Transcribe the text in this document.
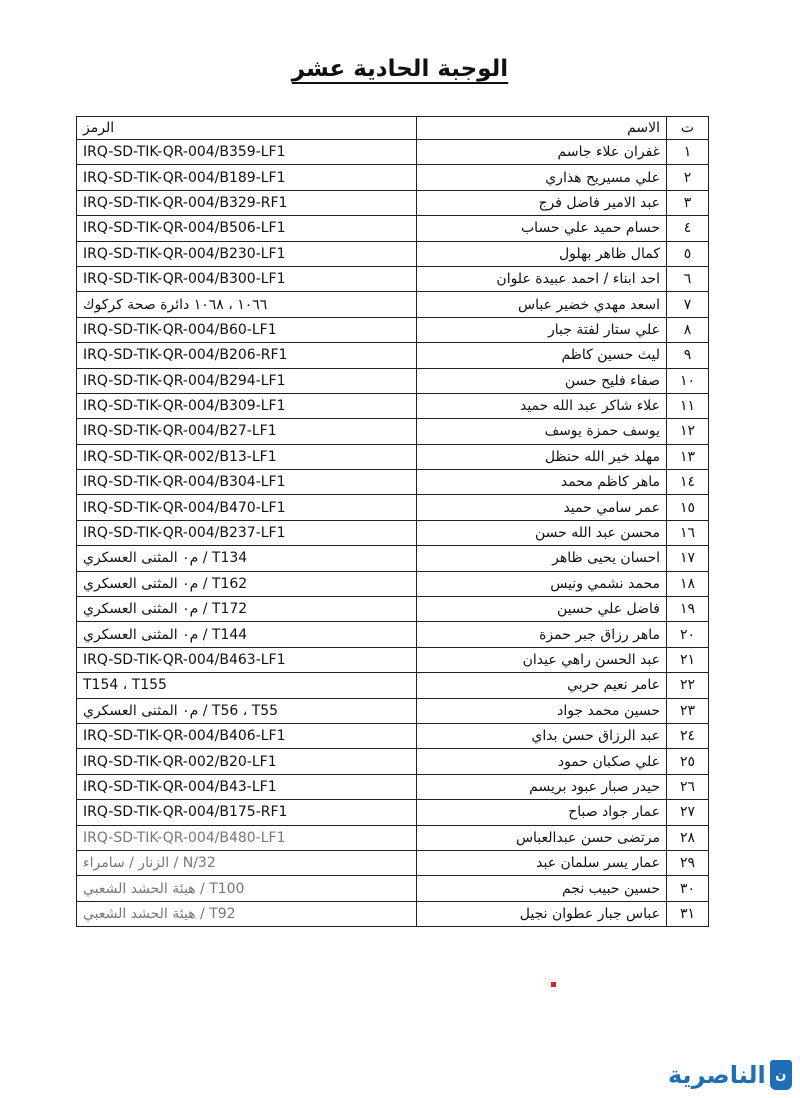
الوجبة الحادية عشر
ت	الاسم	الرمز
١	غفران علاء جاسم	IRQ-SD-TIK-QR-004/B359-LF1
٢	علي مسيريح هذاري	IRQ-SD-TIK-QR-004/B189-LF1
٣	عبد الامير فاضل فرج	IRQ-SD-TIK-QR-004/B329-RF1
٤	حسام حميد علي حساب	IRQ-SD-TIK-QR-004/B506-LF1
٥	كمال ظاهر بهلول	IRQ-SD-TIK-QR-004/B230-LF1
٦	احد ابناء / احمد عبيدة علوان	IRQ-SD-TIK-QR-004/B300-LF1
٧	اسعد مهدي خضير عباس	١٠٦٦ ، ١٠٦٨ دائرة صحة كركوك
٨	علي ستار لفتة جبار	IRQ-SD-TIK-QR-004/B60-LF1
٩	ليث حسين كاظم	IRQ-SD-TIK-QR-004/B206-RF1
١٠	صفاء فليح حسن	IRQ-SD-TIK-QR-004/B294-LF1
١١	علاء شاكر عبد الله حميد	IRQ-SD-TIK-QR-004/B309-LF1
١٢	يوسف حمزة يوسف	IRQ-SD-TIK-QR-004/B27-LF1
١٣	مهلد خير الله حنظل	IRQ-SD-TIK-QR-002/B13-LF1
١٤	ماهر كاظم محمد	IRQ-SD-TIK-QR-004/B304-LF1
١٥	عمر سامي حميد	IRQ-SD-TIK-QR-004/B470-LF1
١٦	محسن عبد الله حسن	IRQ-SD-TIK-QR-004/B237-LF1
١٧	احسان يحيى ظاهر	T134 / م٠ المثنى العسكري
١٨	محمد نشمي ونيس	T162 / م٠ المثنى العسكري
١٩	فاضل علي حسين	T172 / م٠ المثنى العسكري
٢٠	ماهر رزاق جبر حمزة	T144 / م٠ المثنى العسكري
٢١	عبد الحسن راهي عيدان	IRQ-SD-TIK-QR-004/B463-LF1
٢٢	عامر نعيم حربي	T154 ، T155
٢٣	حسين محمد جواد	T56 ، T55 / م٠ المثنى العسكري
٢٤	عبد الرزاق حسن بداي	IRQ-SD-TIK-QR-004/B406-LF1
٢٥	علي صكبان حمود	IRQ-SD-TIK-QR-002/B20-LF1
٢٦	حيدر صبار عبود بريسم	IRQ-SD-TIK-QR-004/B43-LF1
٢٧	عمار جواد صباح	IRQ-SD-TIK-QR-004/B175-RF1
٢٨	مرتضى حسن عبدالعباس	IRQ-SD-TIK-QR-004/B480-LF1
٢٩	عمار يسر سلمان عبد	N/32 / الزنار / سامراء
٣٠	حسين حبيب نجم	T100 / هيئة الحشد الشعبي
٣١	عباس جبار عطوان نجيل	T92 / هيئة الحشد الشعبي
ن
الناصرية
